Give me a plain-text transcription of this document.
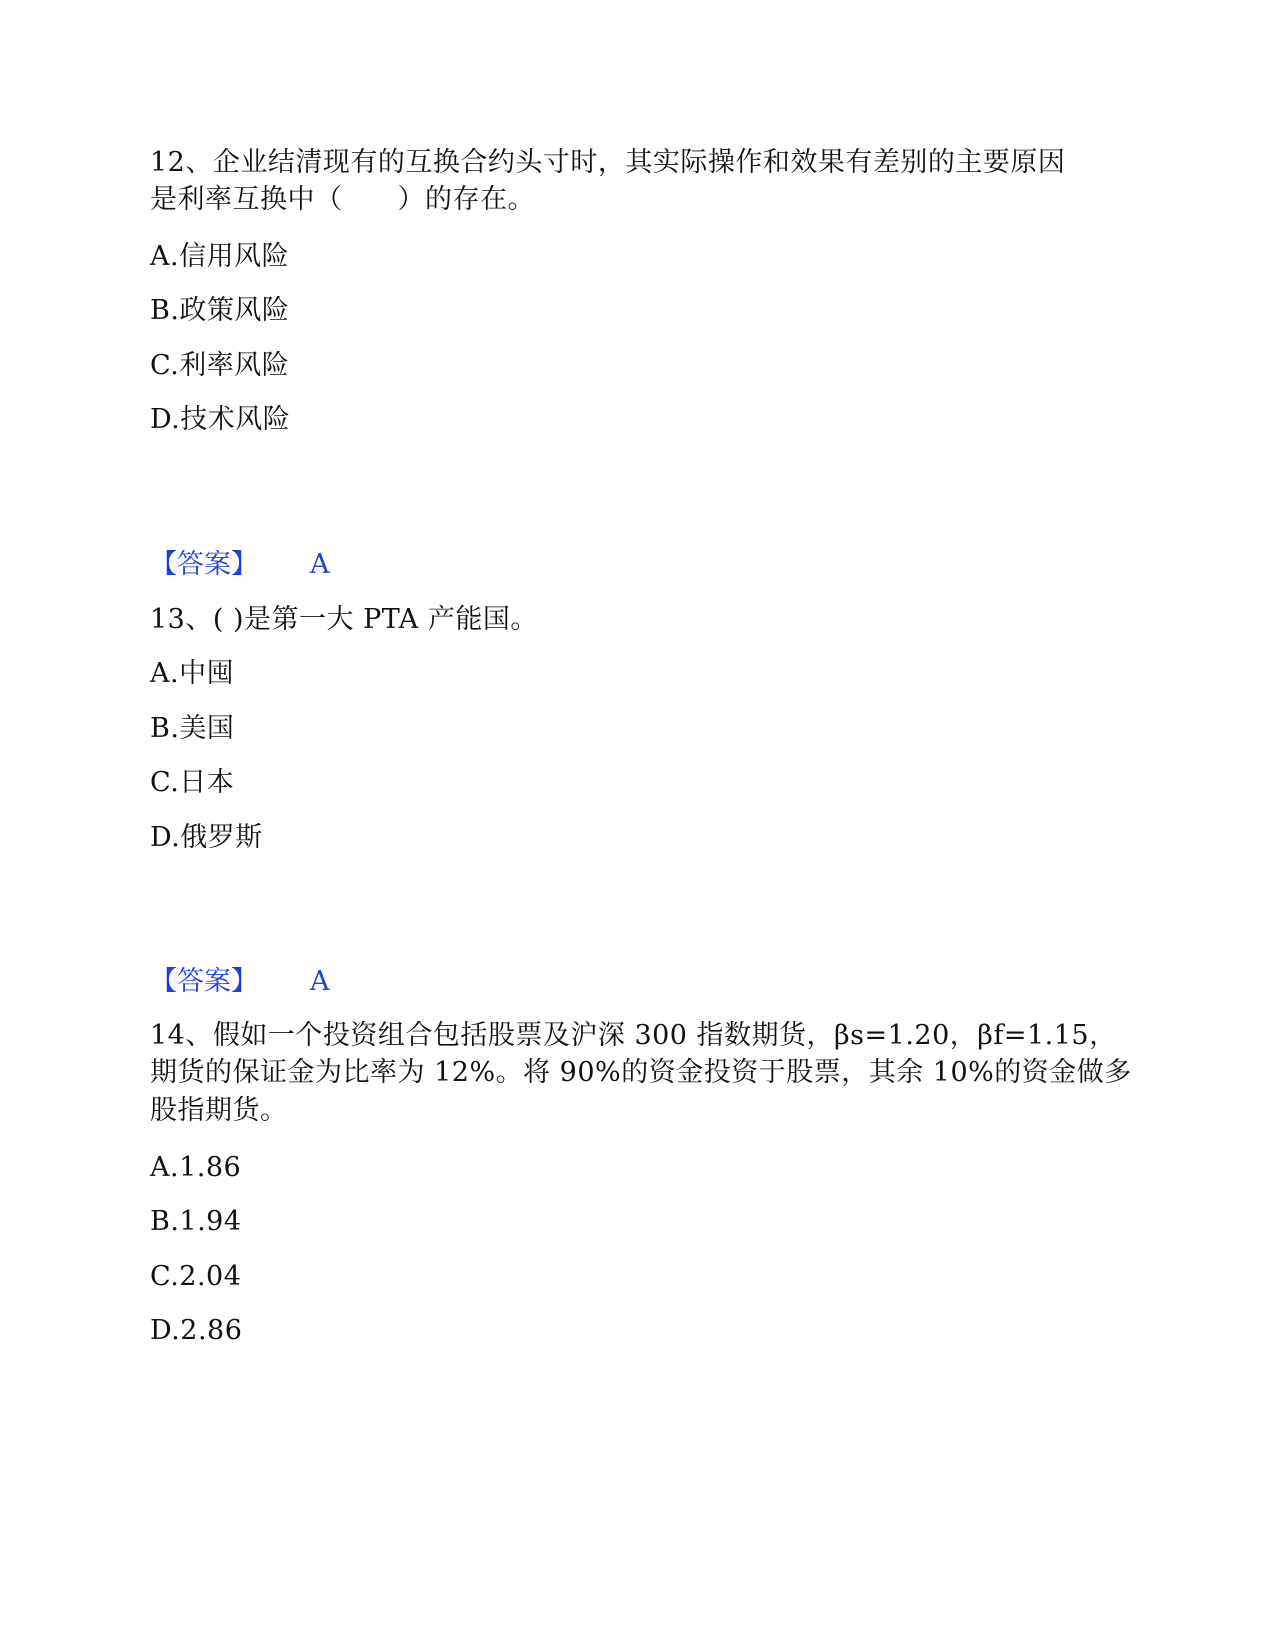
12、企业结清现有的互换合约头寸时，其实际操作和效果有差别的主要原因
是利率互换中（　　）的存在。
A.信用风险
B.政策风险
C.利率风险
D.技术风险
【答案】 A
13、( )是第一大 PTA 产能国。
A.中囤
B.美国
C.日本
D.俄罗斯
【答案】 A
14、假如一个投资组合包括股票及沪深 300 指数期货，βs=1.20，βf=1.15，
期货的保证金为比率为 12%。将 90%的资金投资于股票，其余 10%的资金做多
股指期货。
A.1.86
B.1.94
C.2.04
D.2.86
